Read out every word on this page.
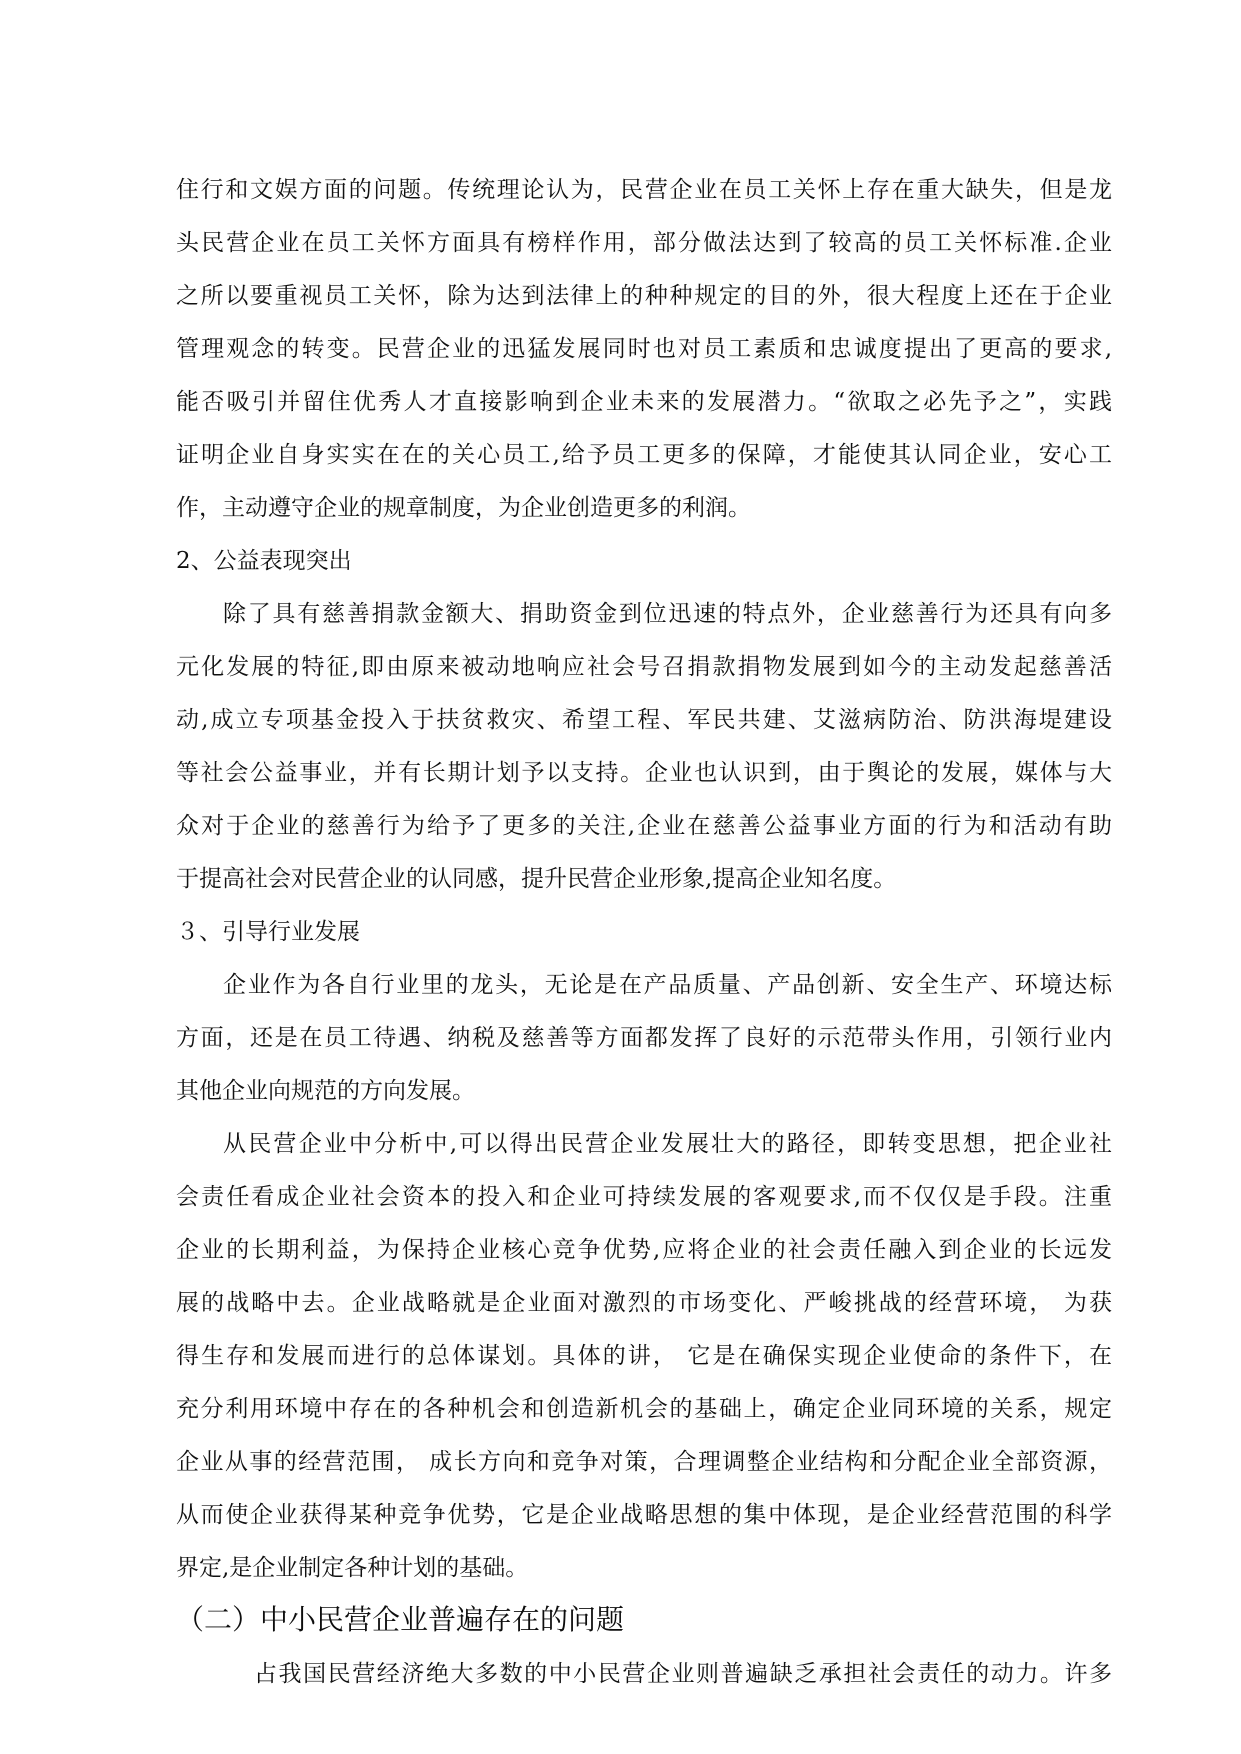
住行和文娱方面的问题。传统理论认为，民营企业在员工关怀上存在重大缺失，但是龙
头民营企业在员工关怀方面具有榜样作用，部分做法达到了较高的员工关怀标准.企业
之所以要重视员工关怀，除为达到法律上的种种规定的目的外，很大程度上还在于企业
管理观念的转变。民营企业的迅猛发展同时也对员工素质和忠诚度提出了更高的要求,
能否吸引并留住优秀人才直接影响到企业未来的发展潜力。“欲取之必先予之”，实践
证明企业自身实实在在的关心员工,给予员工更多的保障，才能使其认同企业，安心工
作，主动遵守企业的规章制度，为企业创造更多的利润。
2、公益表现突出
除了具有慈善捐款金额大、捐助资金到位迅速的特点外，企业慈善行为还具有向多
元化发展的特征,即由原来被动地响应社会号召捐款捐物发展到如今的主动发起慈善活
动,成立专项基金投入于扶贫救灾、希望工程、军民共建、艾滋病防治、防洪海堤建设
等社会公益事业，并有长期计划予以支持。企业也认识到，由于舆论的发展，媒体与大
众对于企业的慈善行为给予了更多的关注,企业在慈善公益事业方面的行为和活动有助
于提高社会对民营企业的认同感，提升民营企业形象,提高企业知名度。
３、引导行业发展
企业作为各自行业里的龙头，无论是在产品质量、产品创新、安全生产、环境达标
方面，还是在员工待遇、纳税及慈善等方面都发挥了良好的示范带头作用，引领行业内
其他企业向规范的方向发展。
从民营企业中分析中,可以得出民营企业发展壮大的路径，即转变思想，把企业社
会责任看成企业社会资本的投入和企业可持续发展的客观要求,而不仅仅是手段。注重
企业的长期利益，为保持企业核心竞争优势,应将企业的社会责任融入到企业的长远发
展的战略中去。企业战略就是企业面对激烈的市场变化、严峻挑战的经营环境， 为获
得生存和发展而进行的总体谋划。具体的讲， 它是在确保实现企业使命的条件下，在
充分利用环境中存在的各种机会和创造新机会的基础上，确定企业同环境的关系，规定
企业从事的经营范围， 成长方向和竞争对策，合理调整企业结构和分配企业全部资源，
从而使企业获得某种竞争优势，它是企业战略思想的集中体现，是企业经营范围的科学
界定,是企业制定各种计划的基础。
（二）中小民营企业普遍存在的问题
占我国民营经济绝大多数的中小民营企业则普遍缺乏承担社会责任的动力。许多
